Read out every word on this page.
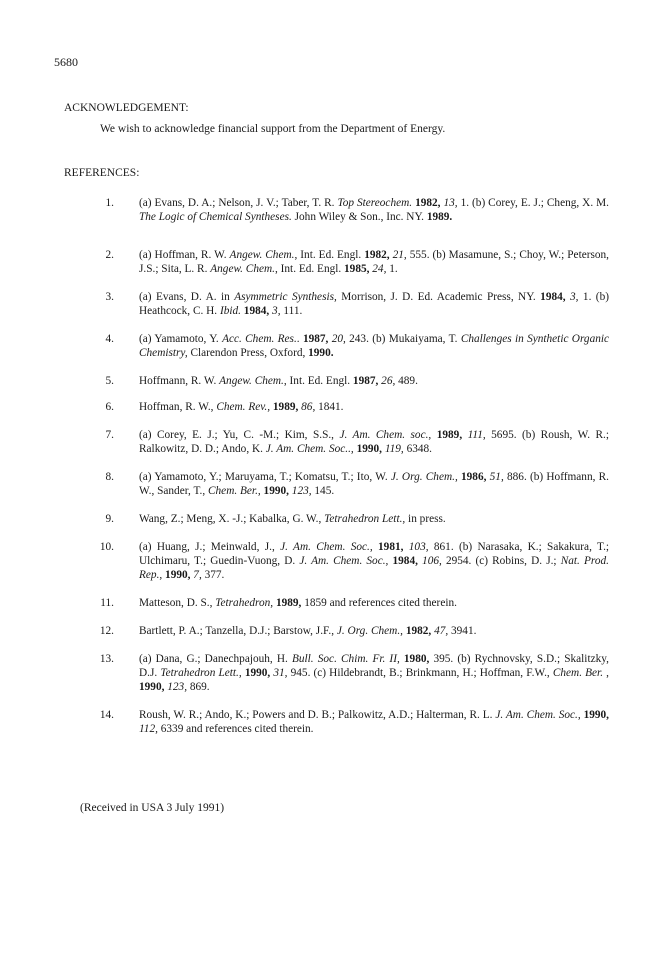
5680
ACKNOWLEDGEMENT:
We wish to acknowledge financial support from the Department of Energy.
REFERENCES:
1. (a) Evans, D. A.; Nelson, J. V.; Taber, T. R. Top Stereochem. 1982, 13, 1. (b) Corey, E. J.; Cheng, X. M. The Logic of Chemical Syntheses. John Wiley & Son., Inc. NY. 1989.
2. (a) Hoffman, R. W. Angew. Chem., Int. Ed. Engl. 1982, 21, 555. (b) Masamune, S.; Choy, W.; Peterson, J.S.; Sita, L. R. Angew. Chem., Int. Ed. Engl. 1985, 24, 1.
3. (a) Evans, D. A. in Asymmetric Synthesis, Morrison, J. D. Ed. Academic Press, NY. 1984, 3, 1. (b) Heathcock, C. H. Ibid. 1984, 3, 111.
4. (a) Yamamoto, Y. Acc. Chem. Res.. 1987, 20, 243. (b) Mukaiyama, T. Challenges in Synthetic Organic Chemistry, Clarendon Press, Oxford, 1990.
5. Hoffmann, R. W. Angew. Chem., Int. Ed. Engl. 1987, 26, 489.
6. Hoffman, R. W., Chem. Rev., 1989, 86, 1841.
7. (a) Corey, E. J.; Yu, C. -M.; Kim, S.S., J. Am. Chem. soc., 1989, 111, 5695. (b) Roush, W. R.; Ralkowitz, D. D.; Ando, K. J. Am. Chem. Soc.., 1990, 119, 6348.
8. (a) Yamamoto, Y.; Maruyama, T.; Komatsu, T.; Ito, W. J. Org. Chem., 1986, 51, 886. (b) Hoffmann, R. W., Sander, T., Chem. Ber., 1990, 123, 145.
9. Wang, Z.; Meng, X. -J.; Kabalka, G. W., Tetrahedron Lett., in press.
10. (a) Huang, J.; Meinwald, J., J. Am. Chem. Soc., 1981, 103, 861. (b) Narasaka, K.; Sakakura, T.; Ulchimaru, T.; Guedin-Vuong, D. J. Am. Chem. Soc., 1984, 106, 2954. (c) Robins, D. J.; Nat. Prod. Rep., 1990, 7, 377.
11. Matteson, D. S., Tetrahedron, 1989, 1859 and references cited therein.
12. Bartlett, P. A.; Tanzella, D.J.; Barstow, J.F., J. Org. Chem., 1982, 47, 3941.
13. (a) Dana, G.; Danechpajouh, H. Bull. Soc. Chim. Fr. II, 1980, 395. (b) Rychnovsky, S.D.; Skalitzky, D.J. Tetrahedron Lett., 1990, 31, 945. (c) Hildebrandt, B.; Brinkmann, H.; Hoffman, F.W., Chem. Ber. , 1990, 123, 869.
14. Roush, W. R.; Ando, K.; Powers and D. B.; Palkowitz, A.D.; Halterman, R. L. J. Am. Chem. Soc., 1990, 112, 6339 and references cited therein.
(Received in USA 3 July 1991)
